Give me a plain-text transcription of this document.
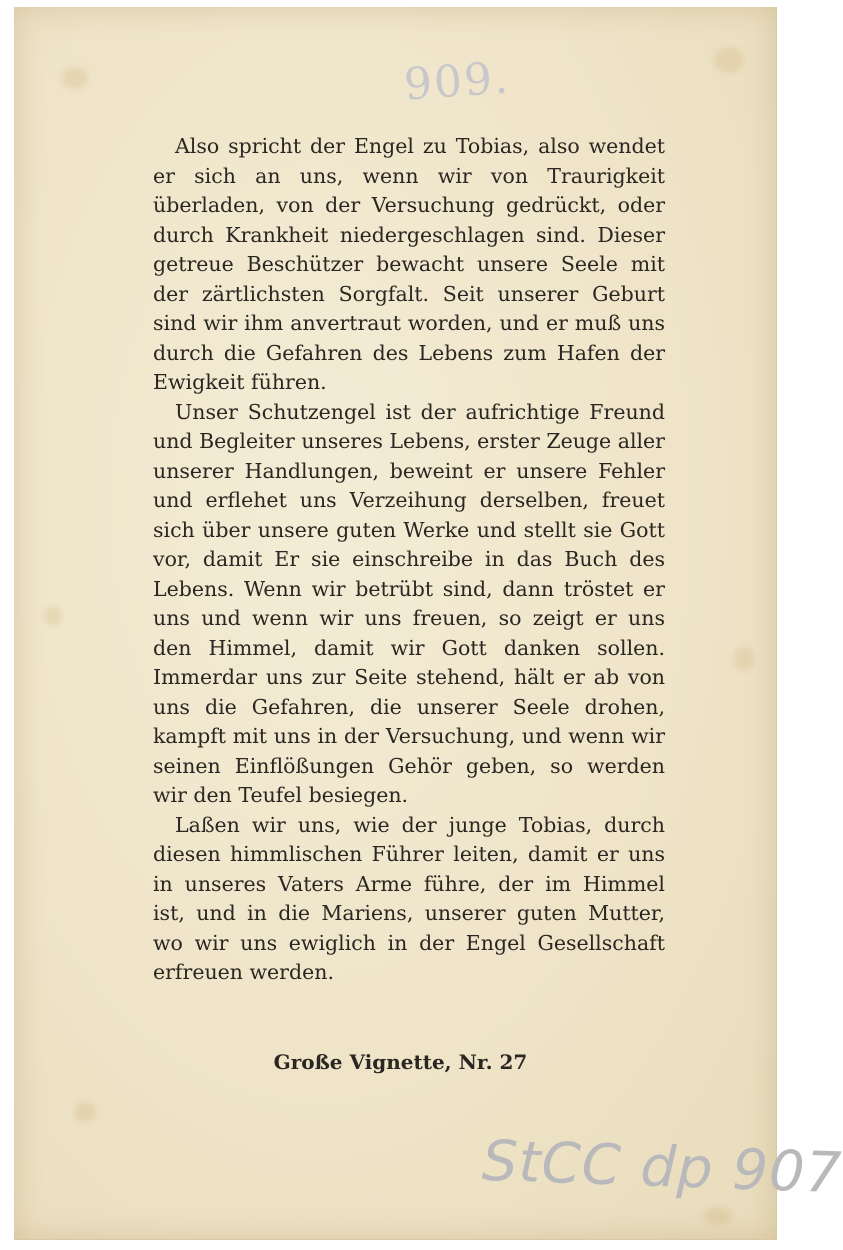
909.

Also spricht der Engel zu Tobias, also wendet er sich an uns, wenn wir von Traurigkeit überladen, von der Versuchung gedrückt, oder durch Krankheit niedergeschlagen sind. Dieser getreue Beschützer bewacht unsere Seele mit der zärtlichsten Sorgfalt. Seit unserer Geburt sind wir ihm anvertraut worden, und er muß uns durch die Gefahren des Lebens zum Hafen der Ewigkeit führen.

Unser Schutzengel ist der aufrichtige Freund und Begleiter unseres Lebens, erster Zeuge aller unserer Handlungen, beweint er unsere Fehler und erflehet uns Verzeihung derselben, freuet sich über unsere guten Werke und stellt sie Gott vor, damit Er sie einschreibe in das Buch des Lebens. Wenn wir betrübt sind, dann tröstet er uns und wenn wir uns freuen, so zeigt er uns den Himmel, damit wir Gott danken sollen. Immerdar uns zur Seite stehend, hält er ab von uns die Gefahren, die unserer Seele drohen, kampft mit uns in der Versuchung, und wenn wir seinen Einflößungen Gehör geben, so werden wir den Teufel besiegen.

Laßen wir uns, wie der junge Tobias, durch diesen himmlischen Führer leiten, damit er uns in unseres Vaters Arme führe, der im Himmel ist, und in die Mariens, unserer guten Mutter, wo wir uns ewiglich in der Engel Gesellschaft erfreuen werden.

Große Vignette, Nr. 27
StCC dp 907
